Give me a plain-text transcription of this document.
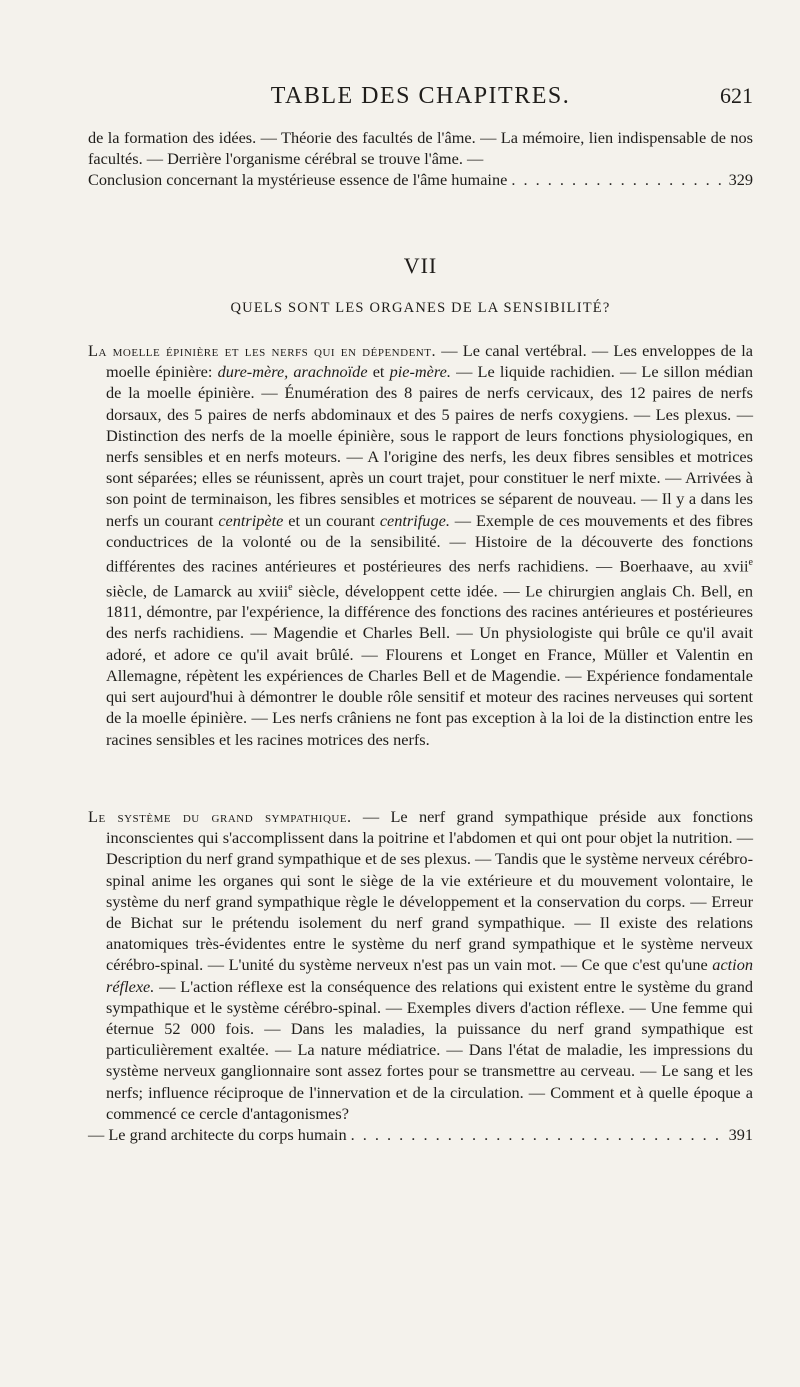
TABLE DES CHAPITRES.	621

de la formation des idées. — Théorie des facultés de l'âme. — La mémoire, lien indispensable de nos facultés. — Derrière l'organisme cérébral se trouve l'âme. —

Conclusion concernant la mystérieuse essence de l'âme humaine . . .	329
VII
QUELS SONT LES ORGANES DE LA SENSIBILITÉ?

La moelle épinière et les nerfs qui en dépendent. — Le canal vertébral. — Les enveloppes de la moelle épinière: dure-mère, arachnoïde et pie-mère. — Le liquide rachidien. — Le sillon médian de la moelle épinière. — Énumération des 8 paires de nerfs cervicaux, des 12 paires de nerfs dorsaux, des 5 paires de nerfs abdominaux et des 5 paires de nerfs coxygiens. — Les plexus. — Distinction des nerfs de la moelle épinière, sous le rapport de leurs fonctions physiologiques, en nerfs sensibles et en nerfs moteurs. — A l'origine des nerfs, les deux fibres sensibles et motrices sont séparées; elles se réunissent, après un court trajet, pour constituer le nerf mixte. — Arrivées à son point de terminaison, les fibres sensibles et motrices se séparent de nouveau. — Il y a dans les nerfs un courant centripète et un courant centrifuge. — Exemple de ces mouvements et des fibres conductrices de la volonté ou de la sensibilité. — Histoire de la découverte des fonctions différentes des racines antérieures et postérieures des nerfs rachidiens. — Boerhaave, au xvii$^e$ siècle, de Lamarck au xviii$^e$ siècle, développent cette idée. — Le chirurgien anglais Ch. Bell, en 1811, démontre, par l'expérience, la différence des fonctions des racines antérieures et postérieures des nerfs rachidiens. — Magendie et Charles Bell. — Un physiologiste qui brûle ce qu'il avait adoré, et adore ce qu'il avait brûlé. — Flourens et Longet en France, Müller et Valentin en Allemagne, répètent les expériences de Charles Bell et de Magendie. — Expérience fondamentale qui sert aujourd'hui à démontrer le double rôle sensitif et moteur des racines nerveuses qui sortent de la moelle épinière. — Les nerfs crâniens ne font pas exception à la loi de la distinction entre les racines sensibles et les racines motrices des nerfs.

Le système du grand sympathique. — Le nerf grand sympathique préside aux fonctions inconscientes qui s'accomplissent dans la poitrine et l'abdomen et qui ont pour objet la nutrition. — Description du nerf grand sympathique et de ses plexus. — Tandis que le système nerveux cérébro-spinal anime les organes qui sont le siège de la vie extérieure et du mouvement volontaire, le système du nerf grand sympathique règle le développement et la conservation du corps. — Erreur de Bichat sur le prétendu isolement du nerf grand sympathique. — Il existe des relations anatomiques très-évidentes entre le système du nerf grand sympathique et le système nerveux cérébro-spinal. — L'unité du système nerveux n'est pas un vain mot. — Ce que c'est qu'une action réflexe. — L'action réflexe est la conséquence des relations qui existent entre le système du grand sympathique et le système cérébro-spinal. — Exemples divers d'action réflexe. — Une femme qui éternue 52 000 fois. — Dans les maladies, la puissance du nerf grand sympathique est particulièrement exaltée. — La nature médiatrice. — Dans l'état de maladie, les impressions du système nerveux ganglionnaire sont assez fortes pour se transmettre au cerveau. — Le sang et les nerfs; influence réciproque de l'innervation et de la circulation. — Comment et à quelle époque a commencé ce cercle d'antagonismes?

— Le grand architecte du corps humain . . .	391
